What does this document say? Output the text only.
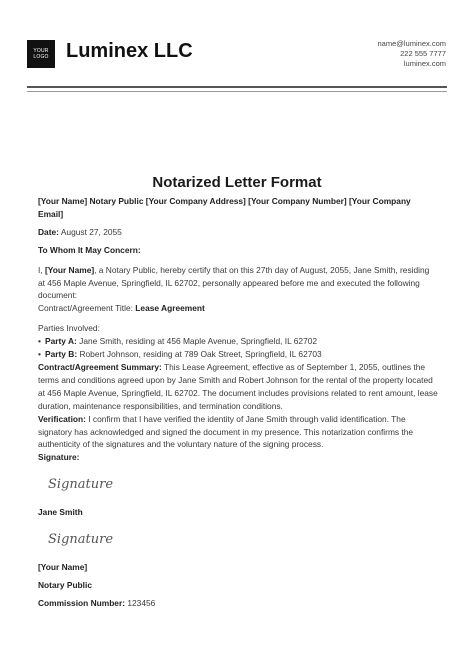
YOUR
LOGO Luminex LLC	name@luminex.com
222 555 7777
luminex.com
Notarized Letter Format

[Your Name] Notary Public [Your Company Address] [Your Company Number] [Your Company Email]

Date: August 27, 2055

To Whom It May Concern:

I, [Your Name], a Notary Public, hereby certify that on this 27th day of August, 2055, Jane Smith, residing at 456 Maple Avenue, Springfield, IL 62702, personally appeared before me and executed the following document:

Contract/Agreement Title: Lease Agreement

Parties Involved:

• Party A: Jane Smith, residing at 456 Maple Avenue, Springfield, IL 62702

• Party B: Robert Johnson, residing at 789 Oak Street, Springfield, IL 62703

Contract/Agreement Summary: This Lease Agreement, effective as of September 1, 2055, outlines the terms and conditions agreed upon by Jane Smith and Robert Johnson for the rental of the property located at 456 Maple Avenue, Springfield, IL 62702. The document includes provisions related to rent amount, lease duration, maintenance responsibilities, and termination conditions.

Verification: I confirm that I have verified the identity of Jane Smith through valid identification. The signatory has acknowledged and signed the document in my presence. This notarization confirms the authenticity of the signatures and the voluntary nature of the signing process.

Signature:

Signature

Jane Smith

Signature

[Your Name]

Notary Public

Commission Number: 123456
